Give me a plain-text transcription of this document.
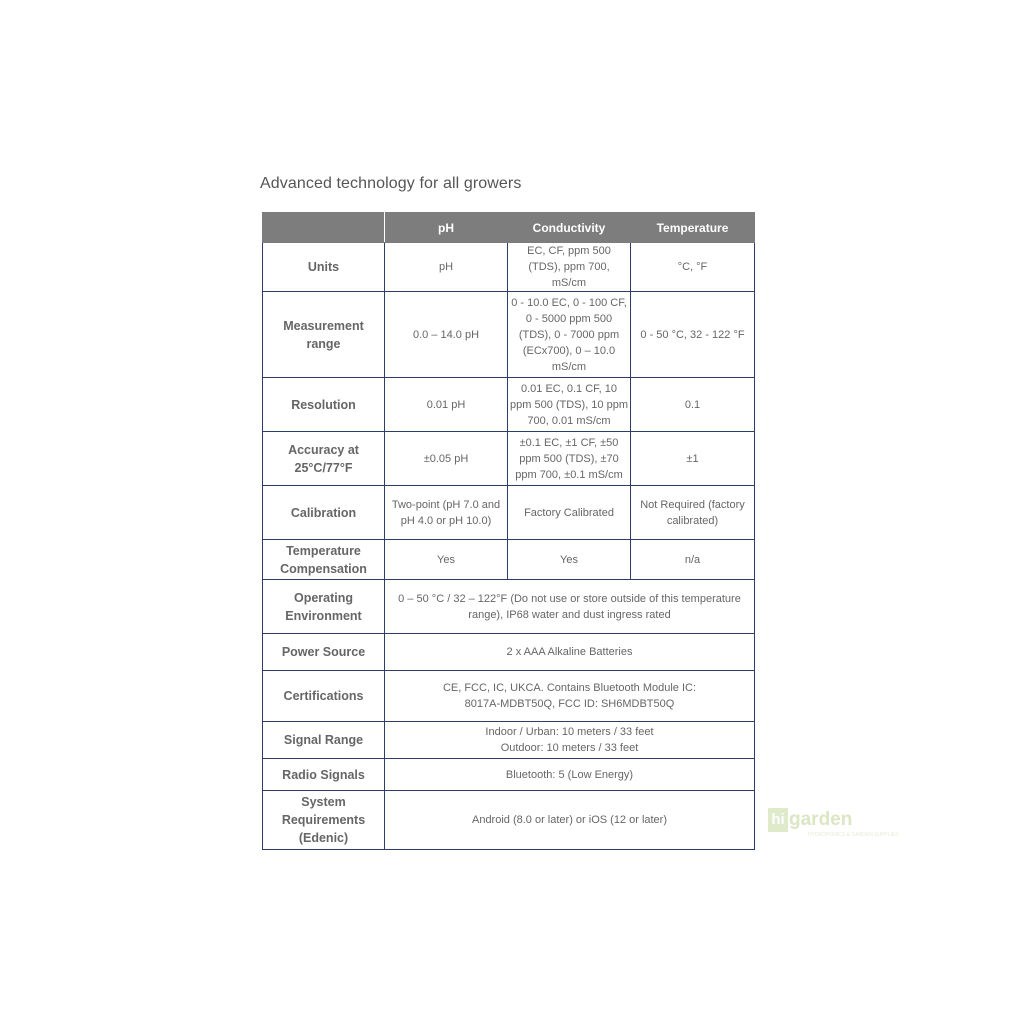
Advanced technology for all growers
	pH	Conductivity	Temperature
Units	pH	EC, CF, ppm 500 (TDS), ppm 700, mS/cm	°C, °F
Measurement range	0.0 – 14.0 pH	0 - 10.0 EC, 0 - 100 CF, 0 - 5000 ppm 500 (TDS), 0 - 7000 ppm (ECx700), 0 – 10.0 mS/cm	0 - 50 °C, 32 - 122 °F
Resolution	0.01 pH	0.01 EC, 0.1 CF, 10 ppm 500 (TDS), 10 ppm 700, 0.01 mS/cm	0.1
Accuracy at 25°C/77°F	±0.05 pH	±0.1 EC, ±1 CF, ±50 ppm 500 (TDS), ±70 ppm 700, ±0.1 mS/cm	±1
Calibration	Two-point (pH 7.0 and pH 4.0 or pH 10.0)	Factory Calibrated	Not Required (factory calibrated)
Temperature Compensation	Yes	Yes	n/a
Operating Environment	0 – 50 °C / 32 – 122°F (Do not use or store outside of this temperature range), IP68 water and dust ingress rated		
Power Source	2 x AAA Alkaline Batteries		
Certifications	CE, FCC, IC, UKCA. Contains Bluetooth Module IC: 8017A-MDBT50Q, FCC ID: SH6MDBT50Q		
Signal Range	Indoor / Urban: 10 meters / 33 feet Outdoor: 10 meters / 33 feet		
Radio Signals	Bluetooth: 5 (Low Energy)		
System Requirements (Edenic)	Android (8.0 or later) or iOS (12 or later)			hi garden
HYDROPONICS & GARDEN SUPPLIES
